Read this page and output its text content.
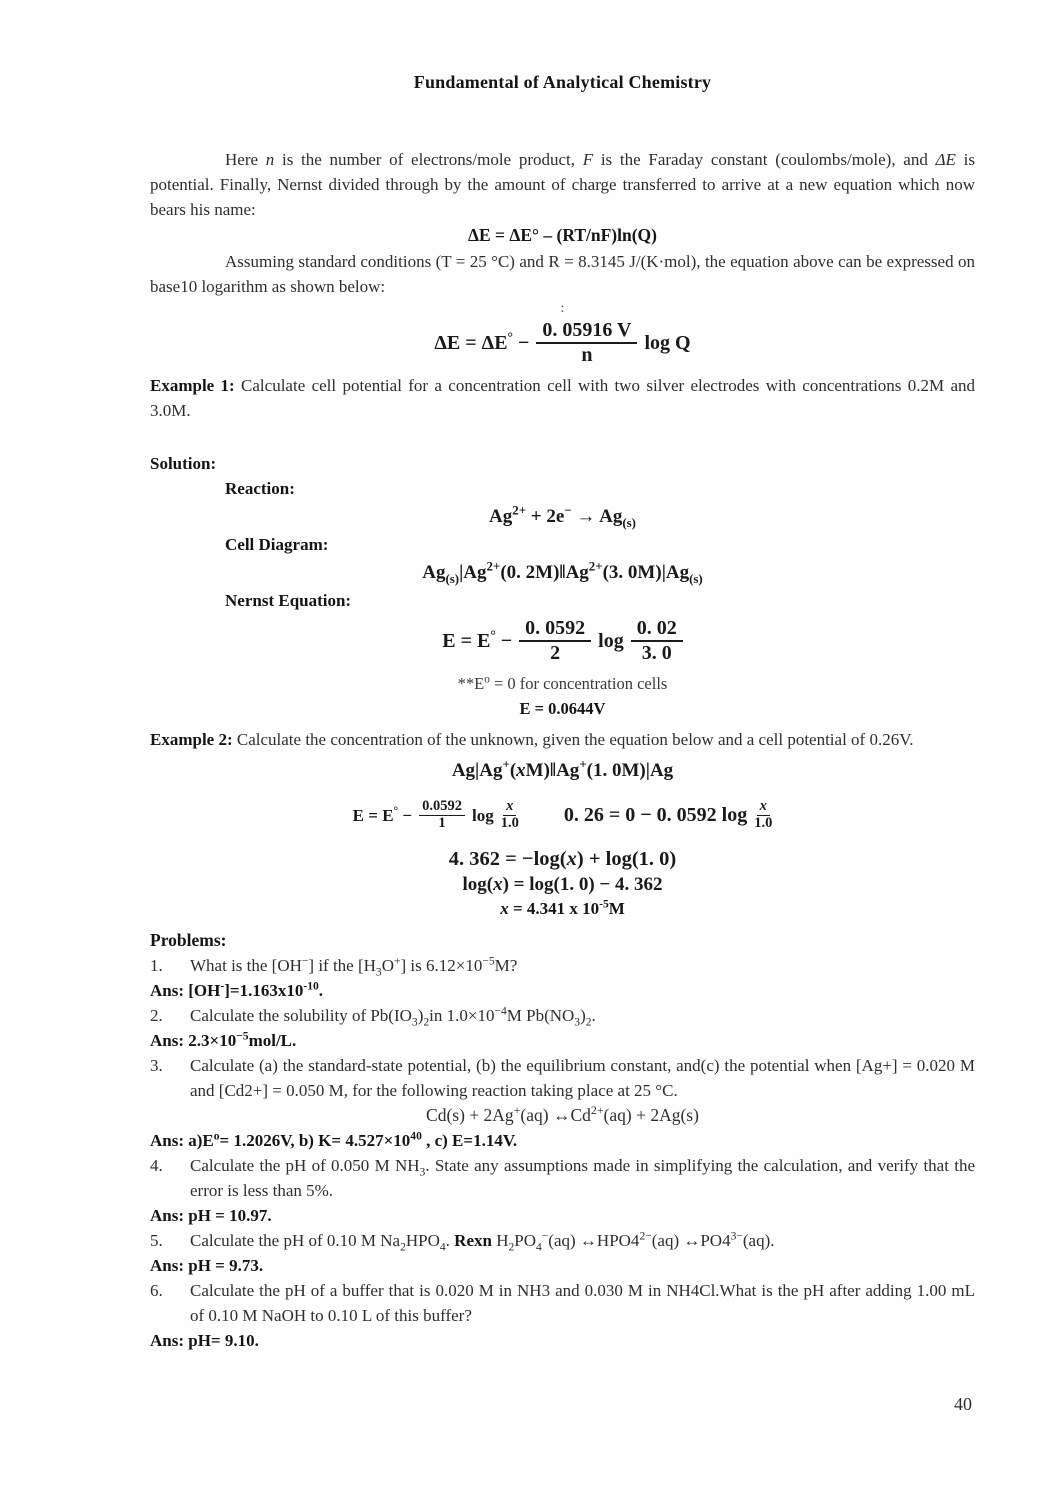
Fundamental of Analytical Chemistry

Here n is the number of electrons/mole product, F is the Faraday constant (coulombs/mole), and ΔE is potential. Finally, Nernst divided through by the amount of charge transferred to arrive at a new equation which now bears his name:

ΔE = ΔE° – (RT/nF)ln(Q)

Assuming standard conditions (T = 25 °C) and R = 8.3145 J/(K·mol), the equation above can be expressed on base10 logarithm as shown below:

:
$\Delta E = \Delta E^\circ - \frac{0. 05916 V}{n}$ log Q

Example 1: Calculate cell potential for a concentration cell with two silver electrodes with concentrations 0.2M and 3.0M.

Solution:
Reaction:
$Ag^{2+} + 2e^- \to Ag_{(s)}$
Cell Diagram:
$Ag_{(s)}|Ag^{2+}(0$. $2M)‖Ag^{2+}(3$. $0M)|Ag_{(s)}$
Nernst Equation:
$E = E^\circ - \frac{0. 0592}{2}$ $\log \frac{0. 02}{3. 0}$
$**E^o = 0$ for concentration cells
E = 0.0644V

Example 2: Calculate the concentration of the unknown, given the equation below and a cell potential of 0.26V.

Ag|Ag+(xM)‖Ag+(1. 0M)|Ag
$E = E^\circ - \frac{0.0592}{1}$ $\log \frac{x}{1.0} 0$. 26 = 0 − 0. 0592 $\log \frac{x}{1.0}$
4. 362 = −log(x) + log(1. 0)
log(x) = log(1. 0) − 4. 362
x = 4.341 x $10^{-5}M$
Problems:
1.	What is the [OH−] if the $[H_3O^+]$ is $6.12\times 10^{-5}M$?
Ans: $[OH^-]=1.163x10^{-10}$.
2.	Calculate the solubility of $Pb(IO_3)_2in$ $1.0\times 10^{-4}M$ $Pb(NO_3)_2$.
Ans: $2.3\times 10^{-5}mol/L$.
3.	Calculate (a) the standard-state potential, (b) the equilibrium constant, and(c) the potential when [Ag+] = 0.020 M and [Cd2+] = 0.050 M, for the following reaction taking place at 25 °C.
Cd(s) + 2Ag+(aq) $\leftrightarrow Cd^{2+}(aq) + 2Ag(s)$
Ans: $a)E^o= 1.2026V$, b) $K= 4.527\times 10^{40}$ , c) E=1.14V.
4.	Calculate the pH of 0.050 M $NH_3$. State any assumptions made in simplifying the calculation, and verify that the error is less than 5%.
Ans: pH = 10.97.
5.	Calculate the pH of 0.10 M $Na_2HPO_4$. Rexn $H_2PO_4^-(aq)$ $\leftrightarrow HPO4^{2-}(aq)$ $\leftrightarrow PO4^{3-}(aq)$.
Ans: pH = 9.73.
6.	Calculate the pH of a buffer that is 0.020 M in NH3 and 0.030 M in NH4Cl.What is the pH after adding 1.00 mL of 0.10 M NaOH to 0.10 L of this buffer?
Ans: pH= 9.10.
40
